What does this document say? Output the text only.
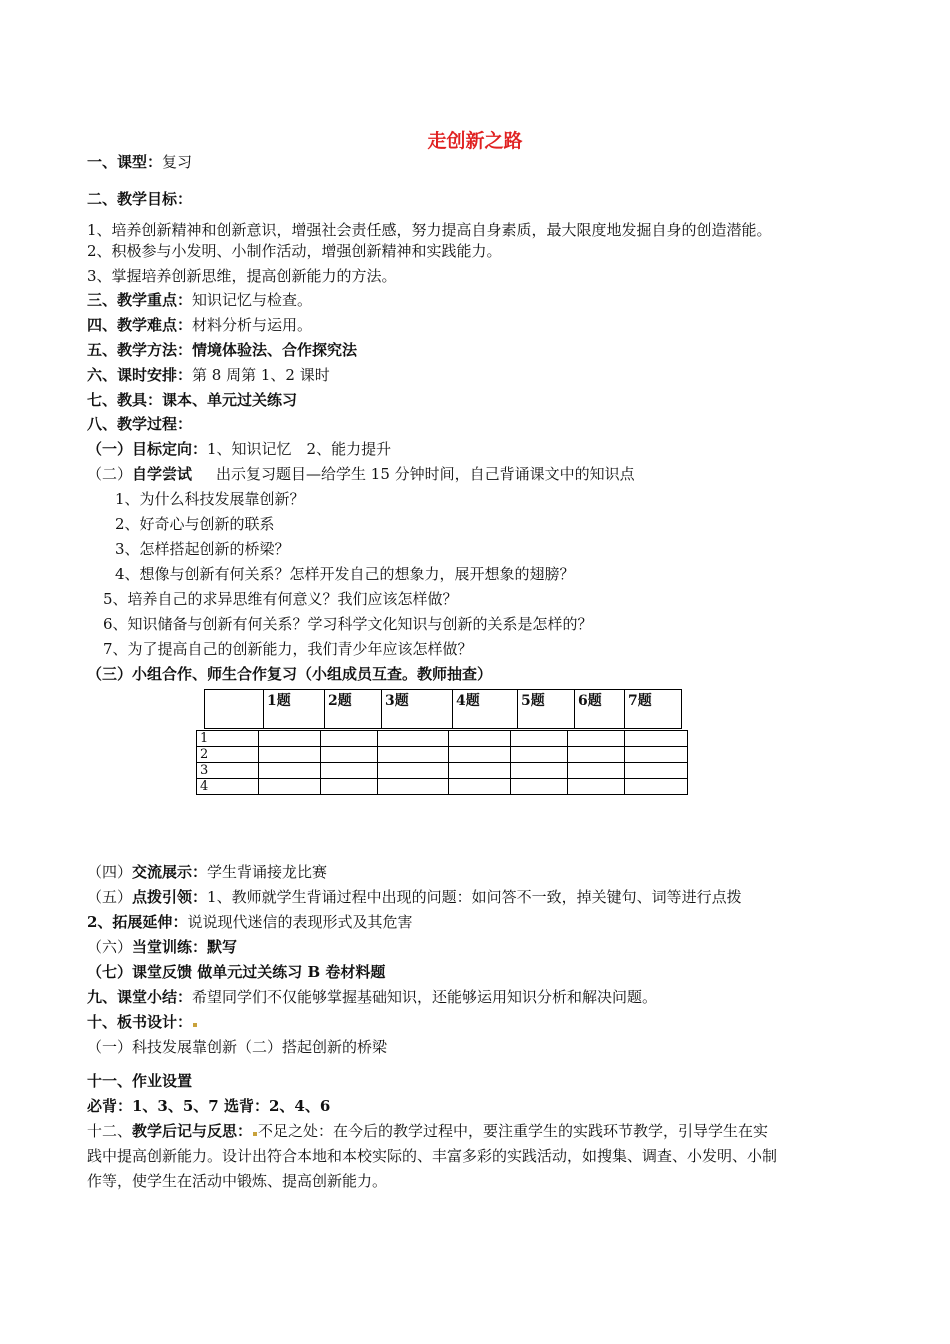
走创新之路
一、课型：复习
二、教学目标：
1、培养创新精神和创新意识，增强社会责任感，努力提高自身素质，最大限度地发掘自身的创造潜能。
2、积极参与小发明、小制作活动，增强创新精神和实践能力。
3、掌握培养创新思维，提高创新能力的方法。
三、教学重点：知识记忆与检查。
四、教学难点：材料分析与运用。
五、教学方法：情境体验法、合作探究法
六、课时安排：第 8 周第 1、2 课时
七、教具：课本、单元过关练习
八、教学过程：
（一）目标定向：1、知识记忆　2、能力提升
（二）自学尝试 出示复习题目—给学生 15 分钟时间，自己背诵课文中的知识点
1、为什么科技发展靠创新？
2、好奇心与创新的联系
3、怎样搭起创新的桥梁？
4、想像与创新有何关系？怎样开发自己的想象力，展开想象的翅膀？
5、培养自己的求异思维有何意义？我们应该怎样做？
6、知识储备与创新有何关系？学习科学文化知识与创新的关系是怎样的？
7、为了提高自己的创新能力，我们青少年应该怎样做？
（三）小组合作、师生合作复习（小组成员互查。教师抽查）
	1题	2题	3题	4题	5题	6题	7题
1							
2							
3							
4							
（四）交流展示：学生背诵接龙比赛
（五）点拨引领：1、教师就学生背诵过程中出现的问题：如问答不一致，掉关键句、词等进行点拨
2、拓展延伸：说说现代迷信的表现形式及其危害
（六）当堂训练：默写
（七）课堂反馈 做单元过关练习 B 卷材料题
九、课堂小结：希望同学们不仅能够掌握基础知识，还能够运用知识分析和解决问题。
十、板书设计：
（一）科技发展靠创新（二）搭起创新的桥梁
十一、作业设置
必背：1、3、5、7 选背：2、4、6
十二、教学后记与反思： 不足之处：在今后的教学过程中，要注重学生的实践环节教学，引导学生在实
践中提高创新能力。设计出符合本地和本校实际的、丰富多彩的实践活动，如搜集、调查、小发明、小制
作等，使学生在活动中锻炼、提高创新能力。
